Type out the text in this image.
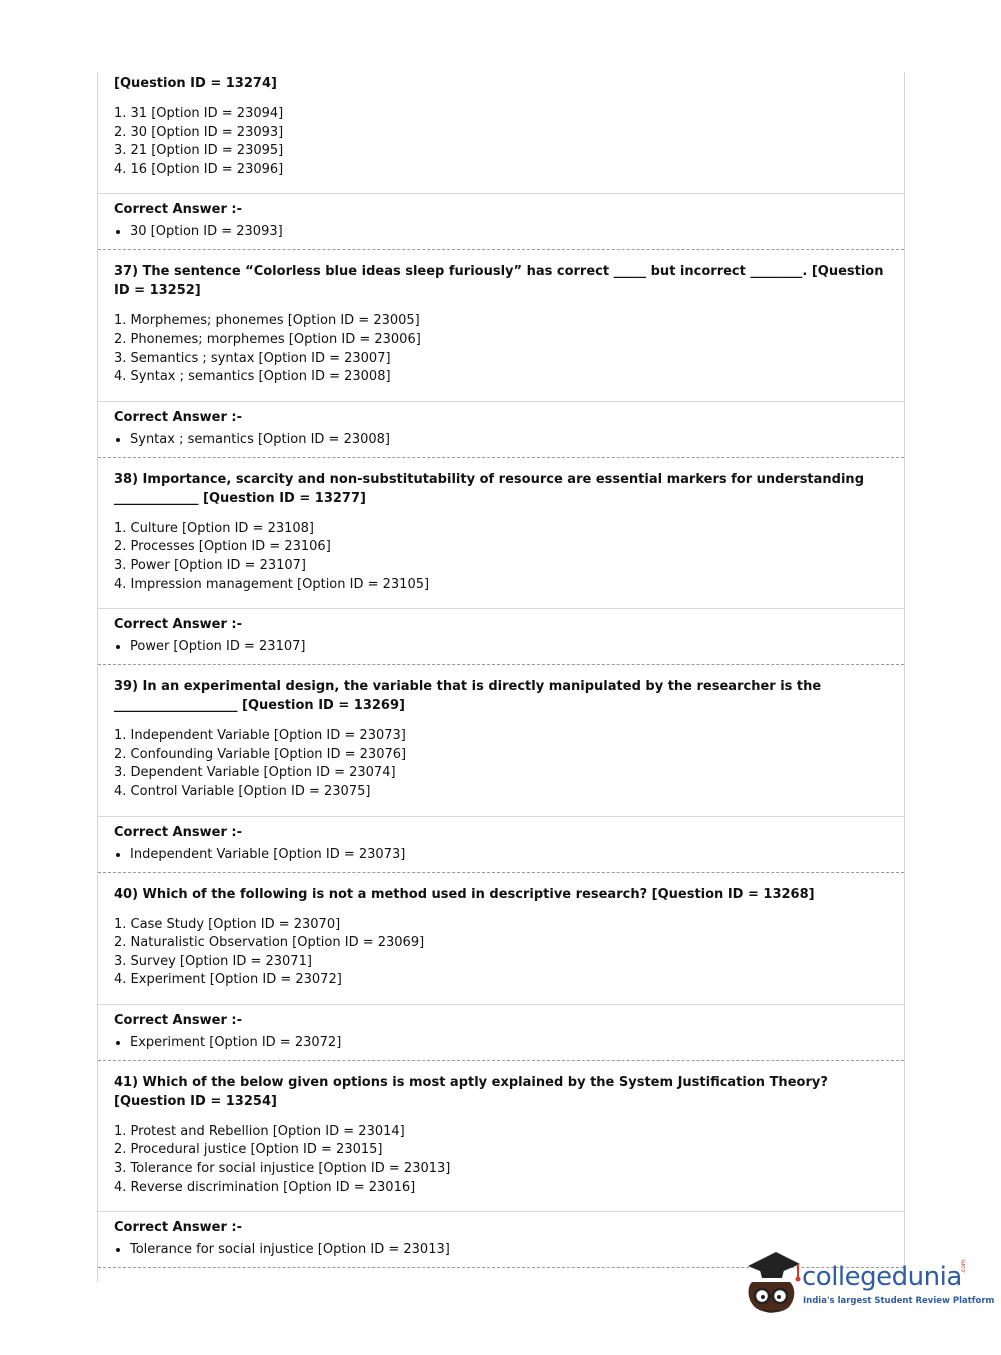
[Question ID = 13274]
1. 31 [Option ID = 23094]
2. 30 [Option ID = 23093]
3. 21 [Option ID = 23095]
4. 16 [Option ID = 23096]
Correct Answer :-
• 30 [Option ID = 23093]
37) The sentence “Colorless blue ideas sleep furiously” has correct _____ but incorrect ________. [Question ID = 13252]
1. Morphemes; phonemes [Option ID = 23005]
2. Phonemes; morphemes [Option ID = 23006]
3. Semantics ; syntax [Option ID = 23007]
4. Syntax ; semantics [Option ID = 23008]
Correct Answer :-
• Syntax ; semantics [Option ID = 23008]
38) Importance, scarcity and non-substitutability of resource are essential markers for understanding
_____________ [Question ID = 13277]
1. Culture [Option ID = 23108]
2. Processes [Option ID = 23106]
3. Power [Option ID = 23107]
4. Impression management [Option ID = 23105]
Correct Answer :-
• Power [Option ID = 23107]
39) In an experimental design, the variable that is directly manipulated by the researcher is the
___________________ [Question ID = 13269]
1. Independent Variable [Option ID = 23073]
2. Confounding Variable [Option ID = 23076]
3. Dependent Variable [Option ID = 23074]
4. Control Variable [Option ID = 23075]
Correct Answer :-
• Independent Variable [Option ID = 23073]
40) Which of the following is not a method used in descriptive research? [Question ID = 13268]
1. Case Study [Option ID = 23070]
2. Naturalistic Observation [Option ID = 23069]
3. Survey [Option ID = 23071]
4. Experiment [Option ID = 23072]
Correct Answer :-
• Experiment [Option ID = 23072]
41) Which of the below given options is most aptly explained by the System Justification Theory? [Question ID = 13254]
1. Protest and Rebellion [Option ID = 23014]
2. Procedural justice [Option ID = 23015]
3. Tolerance for social injustice [Option ID = 23013]
4. Reverse discrimination [Option ID = 23016]
Correct Answer :-
• Tolerance for social injustice [Option ID = 23013]
collegedunia
.com
India's largest Student Review Platform
